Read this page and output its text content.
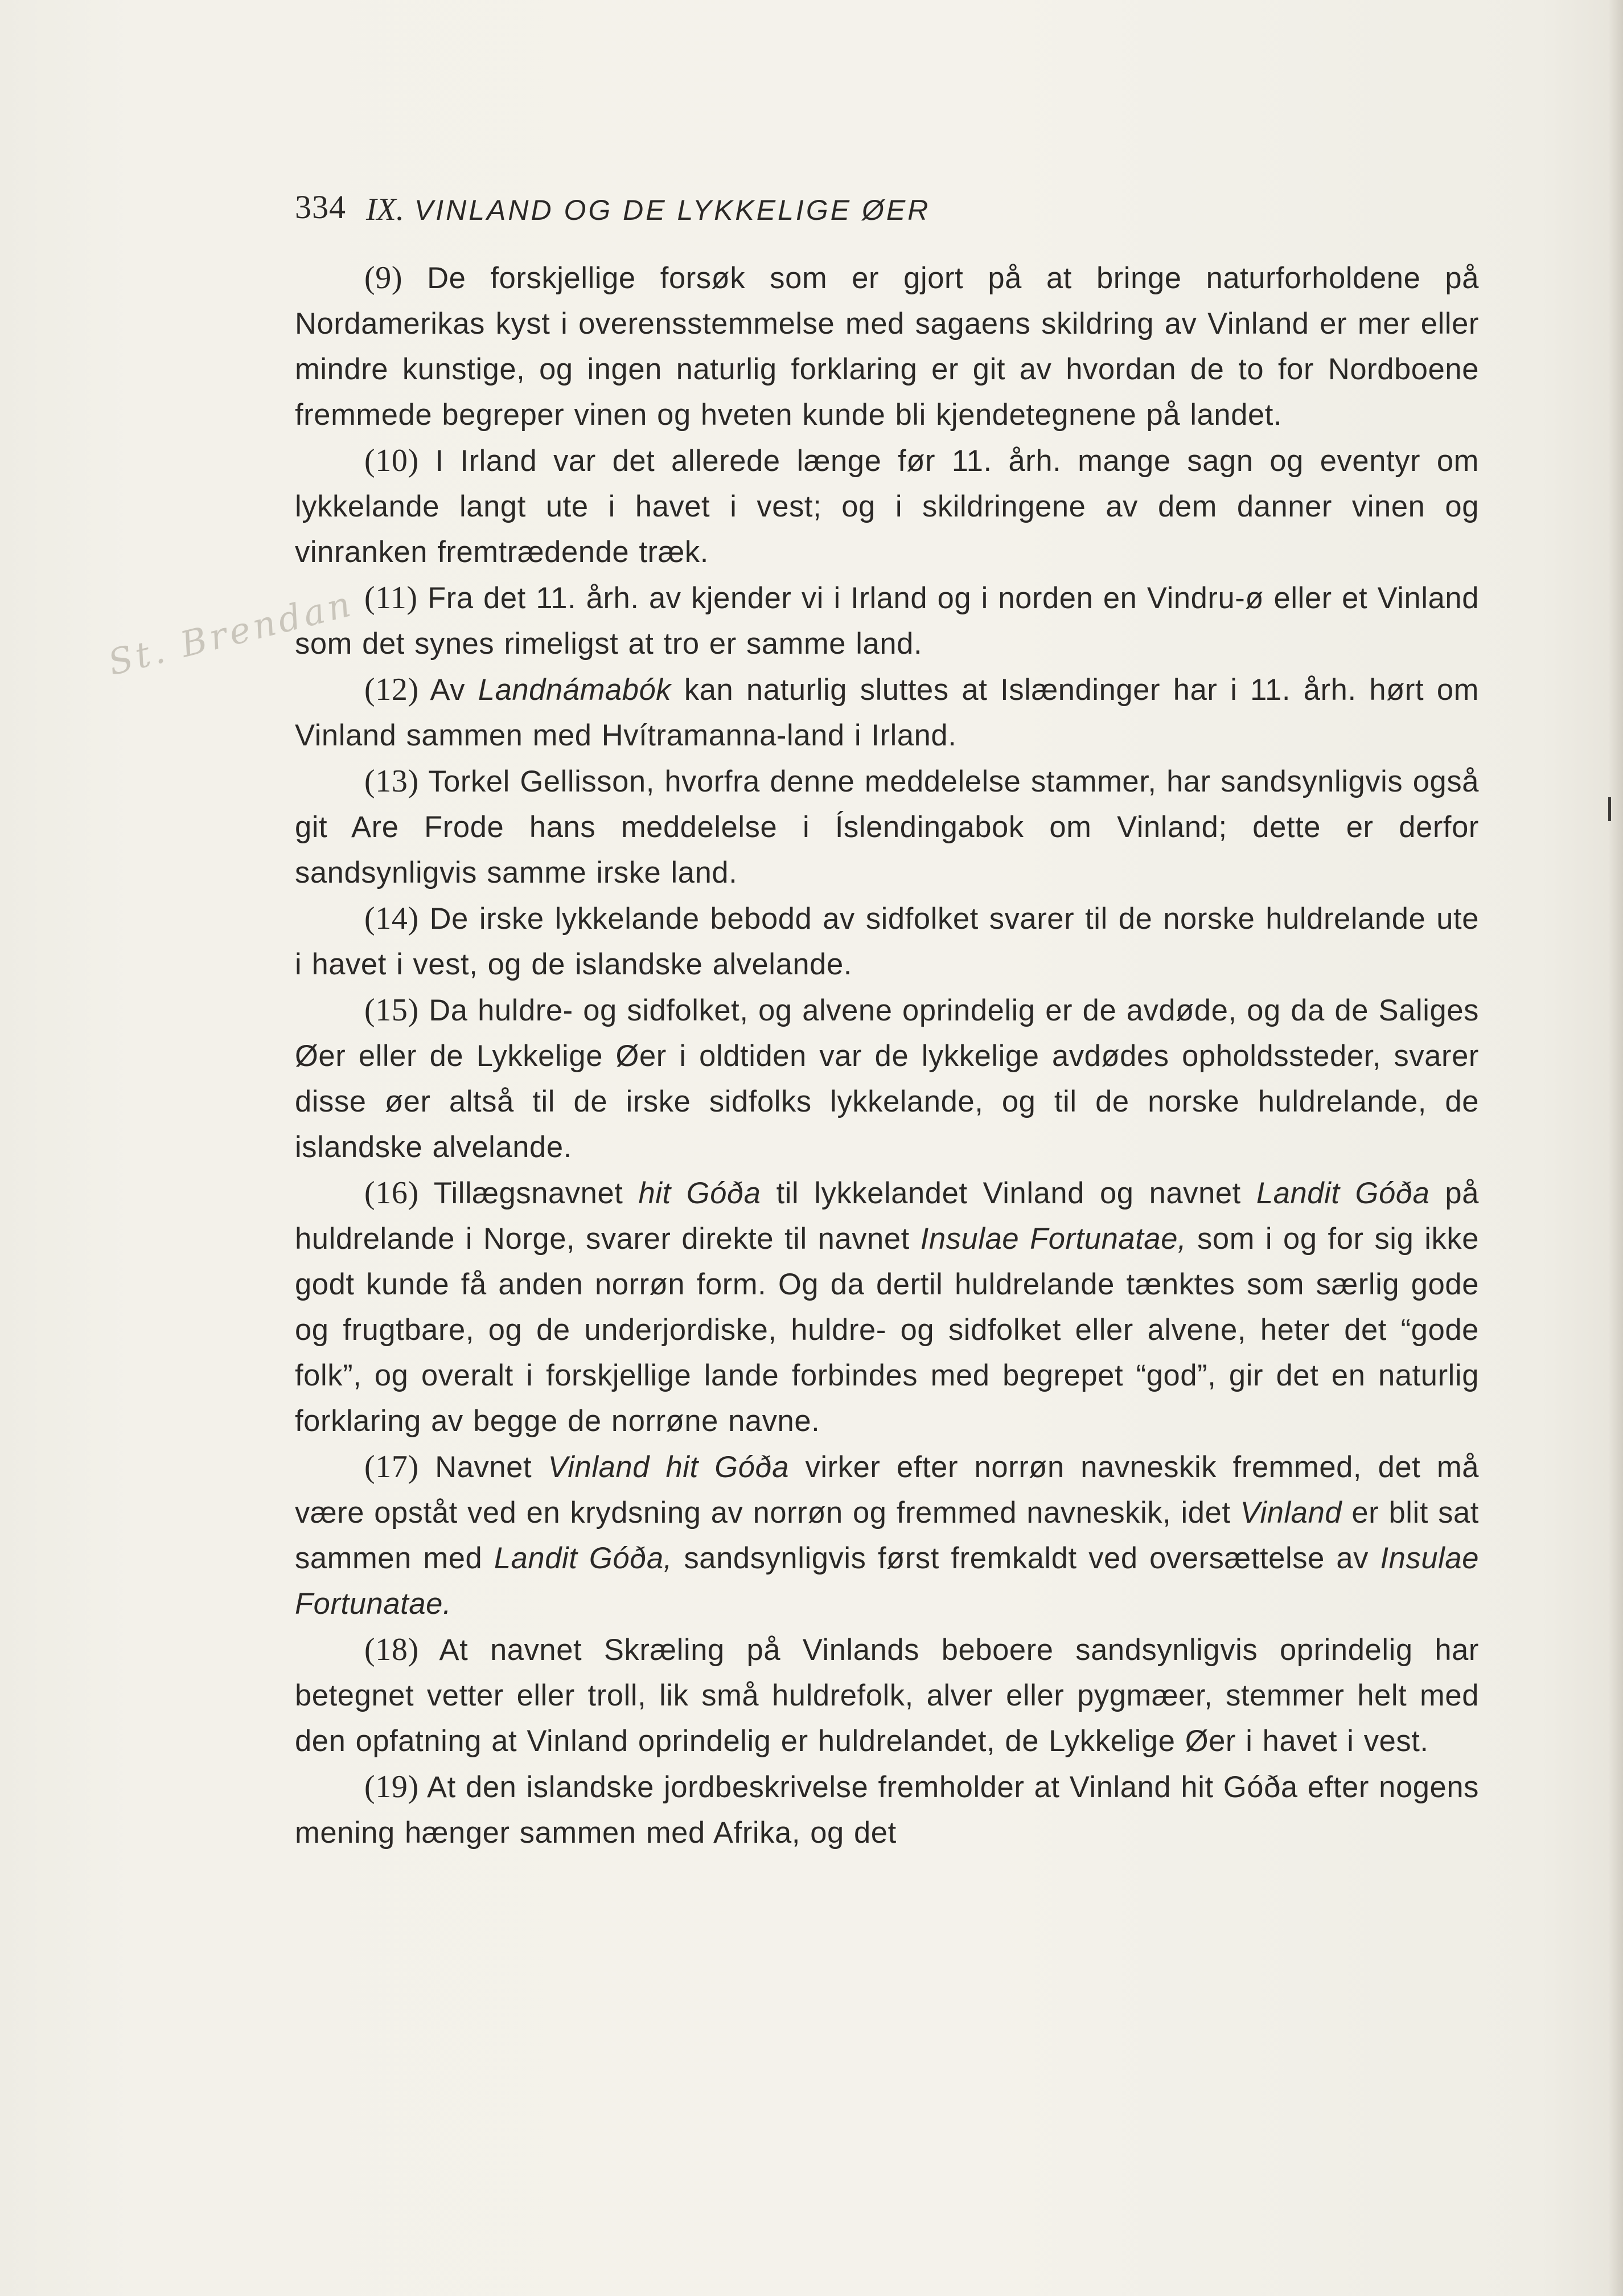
334 IX. VINLAND OG DE LYKKELIGE ØER
St. Brendan

(9) De forskjellige forsøk som er gjort på at bringe naturforholdene på Nordamerikas kyst i overensstemmelse med sagaens skildring av Vinland er mer eller mindre kunstige, og ingen naturlig forklaring er git av hvordan de to for Nordboene fremmede begreper vinen og hveten kunde bli kjendetegnene på landet.

(10) I Irland var det allerede længe før 11. årh. mange sagn og eventyr om lykkelande langt ute i havet i vest; og i skildringene av dem danner vinen og vinranken fremtrædende træk.

(11) Fra det 11. årh. av kjender vi i Irland og i norden en Vindru-ø eller et Vinland som det synes rimeligst at tro er samme land.

(12) Av Landnámabók kan naturlig sluttes at Islændinger har i 11. årh. hørt om Vinland sammen med Hvítramanna-land i Irland.

(13) Torkel Gellisson, hvorfra denne meddelelse stammer, har sandsynligvis også git Are Frode hans meddelelse i Íslendingabok om Vinland; dette er derfor sandsynligvis samme irske land.

(14) De irske lykkelande bebodd av sidfolket svarer til de norske huldrelande ute i havet i vest, og de islandske alvelande.

(15) Da huldre- og sidfolket, og alvene oprindelig er de avdøde, og da de Saliges Øer eller de Lykkelige Øer i oldtiden var de lykkelige avdødes opholdssteder, svarer disse øer altså til de irske sidfolks lykkelande, og til de norske huldrelande, de islandske alvelande.

(16) Tillægsnavnet hit Góða til lykkelandet Vinland og navnet Landit Góða på huldrelande i Norge, svarer direkte til navnet Insulae Fortunatae, som i og for sig ikke godt kunde få anden norrøn form. Og da dertil huldrelande tænktes som særlig gode og frugtbare, og de underjordiske, huldre- og sidfolket eller alvene, heter det “gode folk”, og overalt i forskjellige lande forbindes med begrepet “god”, gir det en naturlig forklaring av begge de norrøne navne.

(17) Navnet Vinland hit Góða virker efter norrøn navneskik fremmed, det må være opståt ved en krydsning av norrøn og fremmed navneskik, idet Vinland er blit sat sammen med Landit Góða, sandsynligvis først fremkaldt ved oversættelse av Insulae Fortunatae.

(18) At navnet Skræling på Vinlands beboere sandsynligvis oprindelig har betegnet vetter eller troll, lik små huldrefolk, alver eller pygmæer, stemmer helt med den opfatning at Vinland oprindelig er huldrelandet, de Lykkelige Øer i havet i vest.

(19) At den islandske jordbeskrivelse fremholder at Vinland hit Góða efter nogens mening hænger sammen med Afrika, og det
